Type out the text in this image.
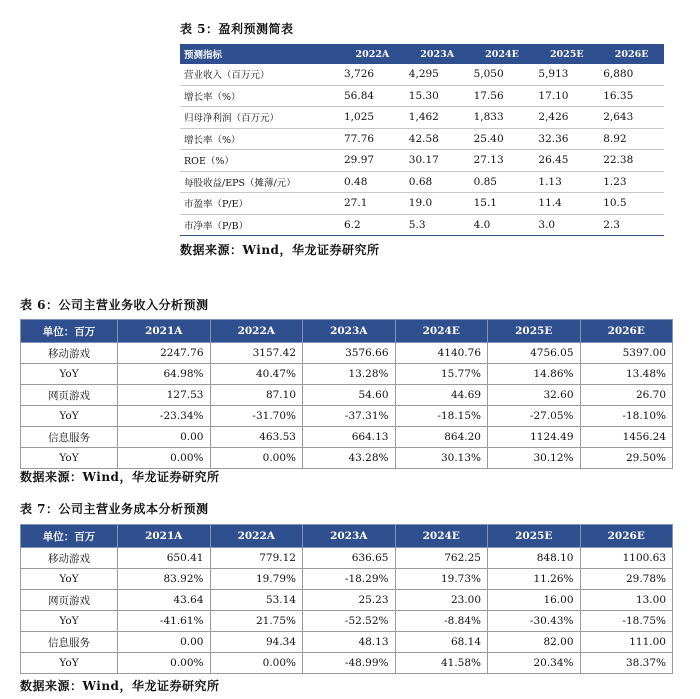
表 5：盈利预测简表
预测指标	2022A	2023A	2024E	2025E	2026E
营业收入（百万元）	3,726	4,295	5,050	5,913	6,880
增长率（%）	56.84	15.30	17.56	17.10	16.35
归母净利润（百万元）	1,025	1,462	1,833	2,426	2,643
增长率（%）	77.76	42.58	25.40	32.36	8.92
ROE（%）	29.97	30.17	27.13	26.45	22.38
每股收益/EPS（摊薄/元）	0.48	0.68	0.85	1.13	1.23
市盈率（P/E）	27.1	19.0	15.1	11.4	10.5
市净率（P/B）	6.2	5.3	4.0	3.0	2.3
数据来源：Wind，华龙证券研究所
表 6：公司主营业务收入分析预测
单位：百万	2021A	2022A	2023A	2024E	2025E	2026E
移动游戏	2247.76	3157.42	3576.66	4140.76	4756.05	5397.00
YoY	64.98%	40.47%	13.28%	15.77%	14.86%	13.48%
网页游戏	127.53	87.10	54.60	44.69	32.60	26.70
YoY	-23.34%	-31.70%	-37.31%	-18.15%	-27.05%	-18.10%
信息服务	0.00	463.53	664.13	864.20	1124.49	1456.24
YoY	0.00%	0.00%	43.28%	30.13%	30.12%	29.50%
数据来源：Wind，华龙证券研究所
表 7：公司主营业务成本分析预测
单位：百万	2021A	2022A	2023A	2024E	2025E	2026E
移动游戏	650.41	779.12	636.65	762.25	848.10	1100.63
YoY	83.92%	19.79%	-18.29%	19.73%	11.26%	29.78%
网页游戏	43.64	53.14	25.23	23.00	16.00	13.00
YoY	-41.61%	21.75%	-52.52%	-8.84%	-30.43%	-18.75%
信息服务	0.00	94.34	48.13	68.14	82.00	111.00
YoY	0.00%	0.00%	-48.99%	41.58%	20.34%	38.37%
数据来源：Wind，华龙证券研究所
